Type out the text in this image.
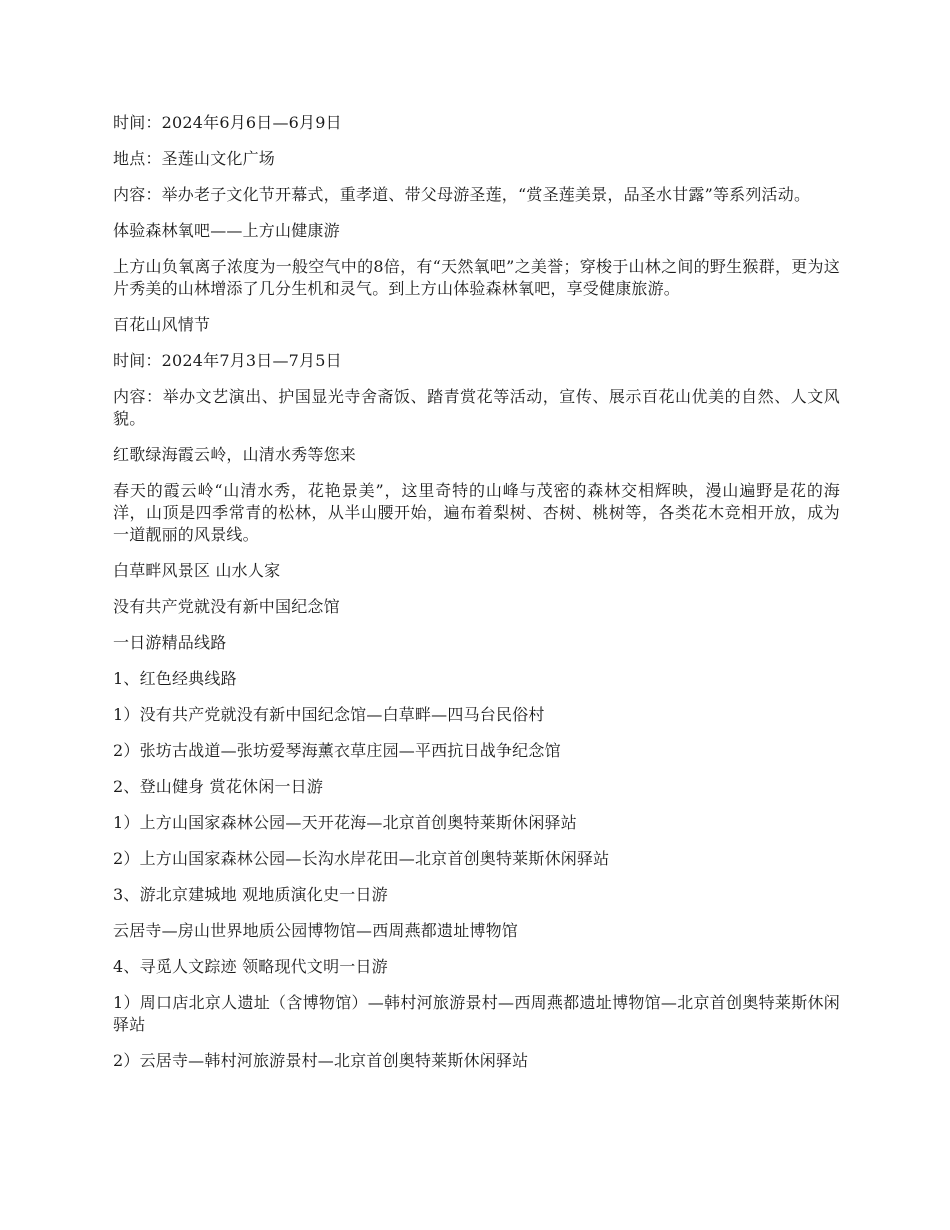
时间：2024年6月6日—6月9日

地点：圣莲山文化广场

内容：举办老子文化节开幕式，重孝道、带父母游圣莲，“赏圣莲美景，品圣水甘露”等系列活动。

体验森林氧吧——上方山健康游

上方山负氧离子浓度为一般空气中的8倍，有“天然氧吧”之美誉；穿梭于山林之间的野生猴群，更为这片秀美的山林增添了几分生机和灵气。到上方山体验森林氧吧，享受健康旅游。

百花山风情节

时间：2024年7月3日—7月5日

内容：举办文艺演出、护国显光寺舍斋饭、踏青赏花等活动，宣传、展示百花山优美的自然、人文风貌。

红歌绿海霞云岭，山清水秀等您来

春天的霞云岭“山清水秀，花艳景美”，这里奇特的山峰与茂密的森林交相辉映，漫山遍野是花的海洋，山顶是四季常青的松林，从半山腰开始，遍布着梨树、杏树、桃树等，各类花木竞相开放，成为一道靓丽的风景线。

白草畔风景区 山水人家

没有共产党就没有新中国纪念馆

一日游精品线路

1、红色经典线路

1）没有共产党就没有新中国纪念馆—白草畔—四马台民俗村

2）张坊古战道—张坊爱琴海薰衣草庄园—平西抗日战争纪念馆

2、登山健身 赏花休闲一日游

1）上方山国家森林公园—天开花海—北京首创奥特莱斯休闲驿站

2）上方山国家森林公园—长沟水岸花田—北京首创奥特莱斯休闲驿站

3、游北京建城地 观地质演化史一日游

云居寺—房山世界地质公园博物馆—西周燕都遗址博物馆

4、寻觅人文踪迹 领略现代文明一日游

1）周口店北京人遗址（含博物馆）—韩村河旅游景村—西周燕都遗址博物馆—北京首创奥特莱斯休闲驿站

2）云居寺—韩村河旅游景村—北京首创奥特莱斯休闲驿站
